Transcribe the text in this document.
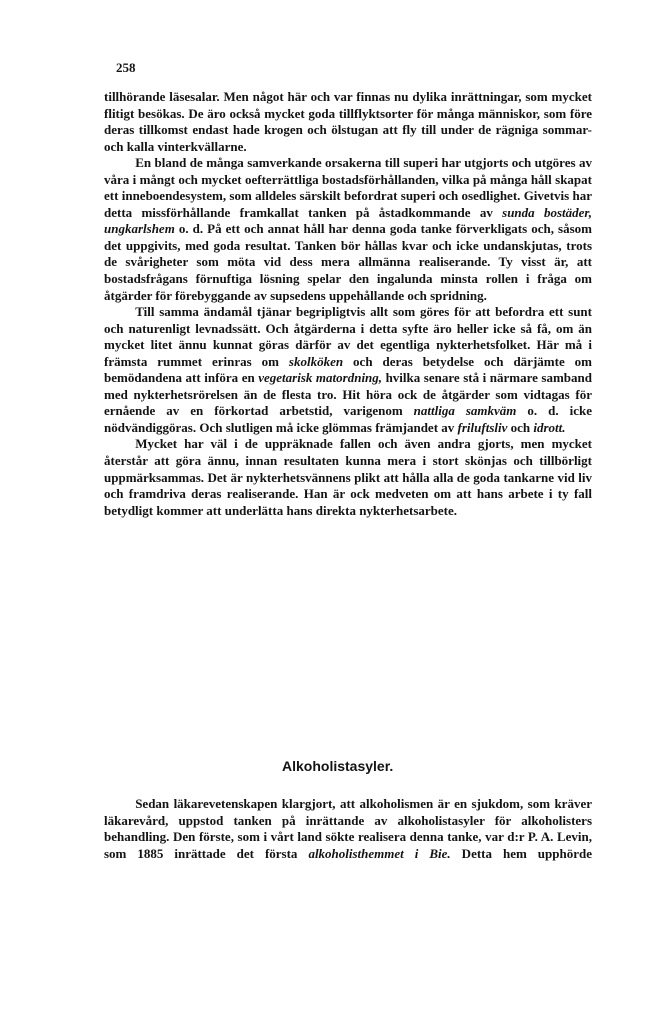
258

tillhörande läsesalar. Men något här och var finnas nu dylika inrättningar, som mycket flitigt besökas. De äro också mycket goda tillflyktsorter för många människor, som före deras tillkomst endast hade krogen och ölstugan att fly till under de rägniga sommar- och kalla vinterkvällarne.

En bland de många samverkande orsakerna till superi har utgjorts och utgöres av våra i mångt och mycket oefterrättliga bostadsförhållanden, vilka på många håll skapat ett inneboendesystem, som alldeles särskilt befordrat superi och osedlighet. Givetvis har detta missförhållande framkallat tanken på åstadkommande av sunda bostäder, ungkarlshem o. d. På ett och annat håll har denna goda tanke förverkligats och, såsom det uppgivits, med goda resultat. Tanken bör hållas kvar och icke undanskjutas, trots de svårigheter som möta vid dess mera allmänna realiserande. Ty visst är, att bostadsfrågans förnuftiga lösning spelar den ingalunda minsta rollen i fråga om åtgärder för förebyggande av supsedens uppehållande och spridning.

Till samma ändamål tjänar begripligtvis allt som göres för att befordra ett sunt och naturenligt levnadssätt. Och åtgärderna i detta syfte äro heller icke så få, om än mycket litet ännu kunnat göras därför av det egentliga nykterhetsfolket. Här må i främsta rummet erinras om skolköken och deras betydelse och därjämte om bemödandena att införa en vegetarisk matordning, hvilka senare stå i närmare samband med nykterhetsrörelsen än de flesta tro. Hit höra ock de åtgärder som vidtagas för ernående av en förkortad arbetstid, varigenom nattliga samkväm o. d. icke nödvändiggöras. Och slutligen må icke glömmas främjandet av friluftsliv och idrott.

Mycket har väl i de uppräknade fallen och även andra gjorts, men mycket återstår att göra ännu, innan resultaten kunna mera i stort skönjas och tillbörligt uppmärksammas. Det är nykterhetsvännens plikt att hålla alla de goda tankarne vid liv och framdriva deras realiserande. Han är ock medveten om att hans arbete i ty fall betydligt kommer att underlätta hans direkta nykterhetsarbete.

Alkoholistasyler.

Sedan läkarevetenskapen klargjort, att alkoholismen är en sjukdom, som kräver läkarevård, uppstod tanken på inrättande av alkoholistasyler för alkoholisters behandling. Den förste, som i vårt land sökte realisera denna tanke, var d:r P. A. Levin, som 1885 inrättade det första alkoholisthemmet i Bie. Detta hem upphörde
